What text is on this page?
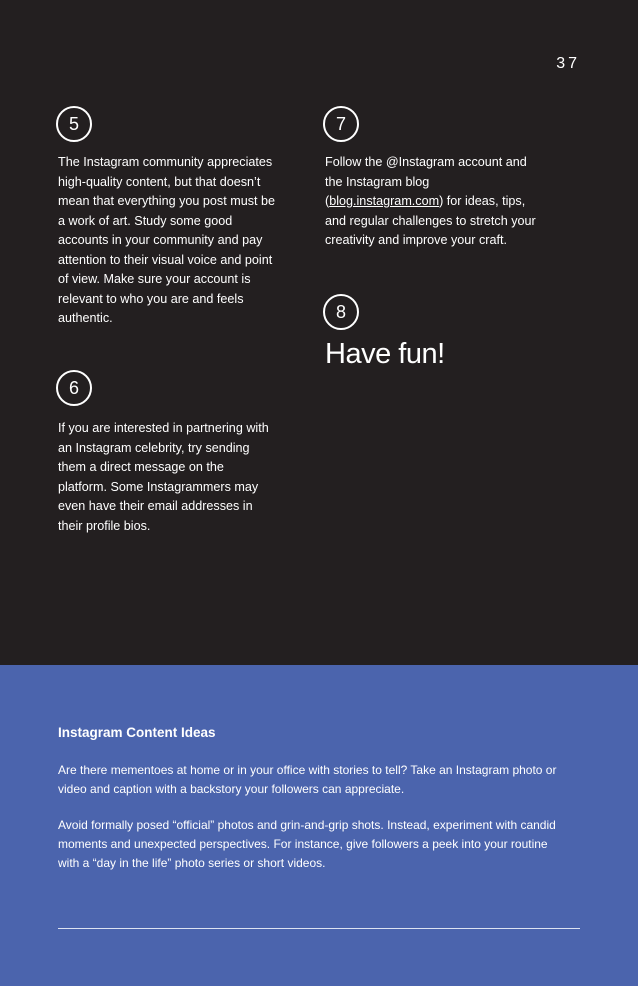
37
5
The Instagram community appreciates high-quality content, but that doesn’t mean that everything you post must be a work of art. Study some good accounts in your community and pay attention to their visual voice and point of view. Make sure your account is relevant to who you are and feels authentic.
6
If you are interested in partnering with an Instagram celebrity, try sending them a direct message on the platform. Some Instagrammers may even have their email addresses in their profile bios.
7
Follow the @Instagram account and the Instagram blog (blog.instagram.com) for ideas, tips, and regular challenges to stretch your creativity and improve your craft.
8
Have fun!
Instagram Content Ideas
Are there mementoes at home or in your office with stories to tell? Take an Instagram photo or video and caption with a backstory your followers can appreciate.
Avoid formally posed “official” photos and grin-and-grip shots. Instead, experiment with candid moments and unexpected perspectives. For instance, give followers a peek into your routine with a “day in the life” photo series or short videos.
